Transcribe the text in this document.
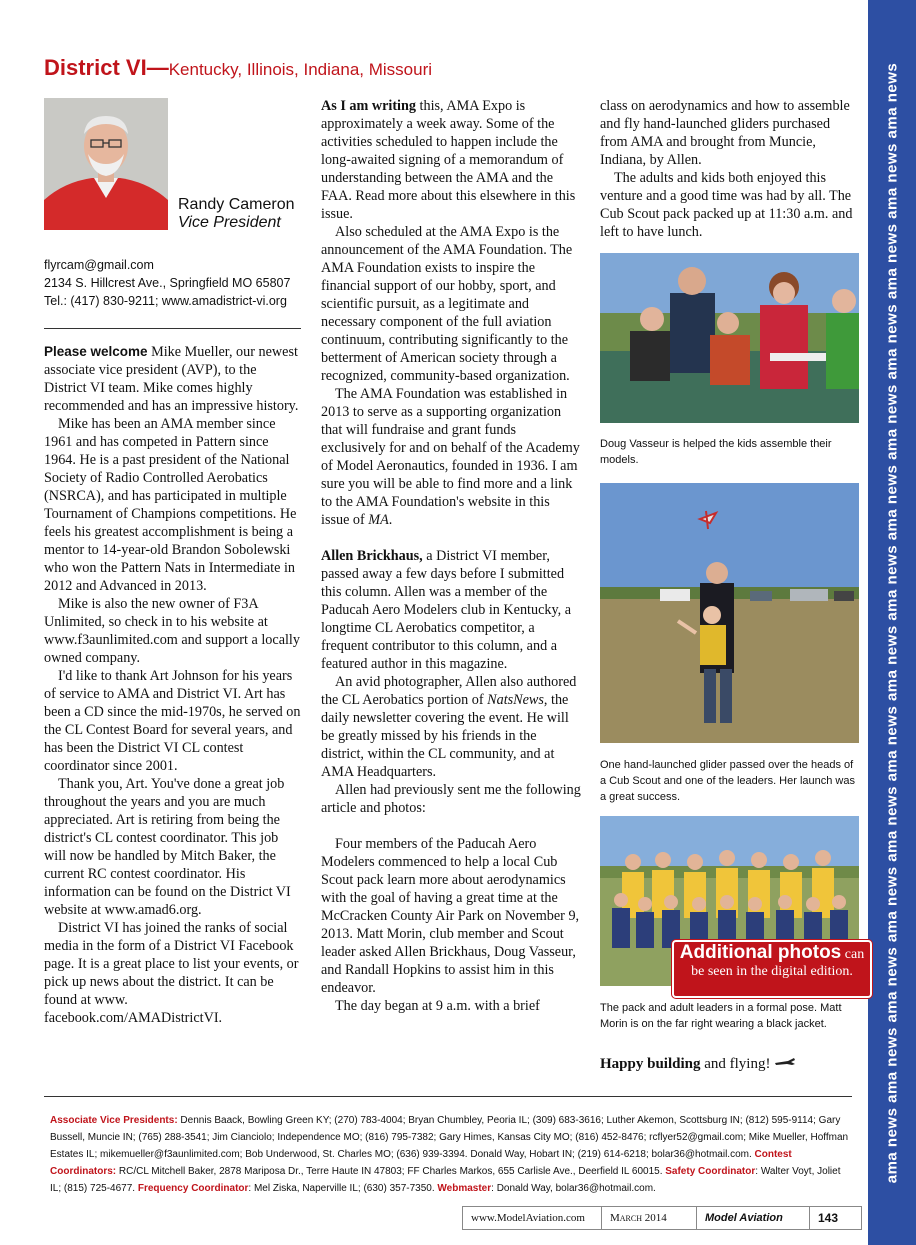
ama news ama news ama news ama news ama news ama news ama news ama news ama news ama news ama news ama news ama news ama news
District VI—Kentucky, Illinois, Indiana, Missouri
Randy Cameron
Vice President
flyrcam@gmail.com
2134 S. Hillcrest Ave., Springfield MO 65807
Tel.: (417) 830-9211; www.amadistrict-vi.org

Please welcome Mike Mueller, our newest associate vice president (AVP), to the District VI team. Mike comes highly recommended and has an impressive history.

Mike has been an AMA member since 1961 and has competed in Pattern since 1964. He is a past president of the National Society of Radio Controlled Aerobatics (NSRCA), and has participated in multiple Tournament of Champions competitions. He feels his greatest accomplishment is being a mentor to 14-year-old Brandon Sobolewski who won the Pattern Nats in Intermediate in 2012 and Advanced in 2013.

Mike is also the new owner of F3A Unlimited, so check in to his website at www.f3aunlimited.com and support a locally owned company.

I'd like to thank Art Johnson for his years of service to AMA and District VI. Art has been a CD since the mid-1970s, he served on the CL Contest Board for several years, and has been the District VI CL contest coordinator since 2001.

Thank you, Art. You've done a great job throughout the years and you are much appreciated. Art is retiring from being the district's CL contest coordinator. This job will now be handled by Mitch Baker, the current RC contest coordinator. His information can be found on the District VI website at www.amad6.org.

District VI has joined the ranks of social media in the form of a District VI Facebook page. It is a great place to list your events, or pick up news about the district. It can be found at www. facebook.com/AMADistrictVI.

As I am writing this, AMA Expo is approximately a week away. Some of the activities scheduled to happen include the long-awaited signing of a memorandum of understanding between the AMA and the FAA. Read more about this elsewhere in this issue.

Also scheduled at the AMA Expo is the announcement of the AMA Foundation. The AMA Foundation exists to inspire the financial support of our hobby, sport, and scientific pursuit, as a legitimate and necessary component of the full aviation continuum, contributing significantly to the betterment of American society through a recognized, community-based organization.

The AMA Foundation was established in 2013 to serve as a supporting organization that will fundraise and grant funds exclusively for and on behalf of the Academy of Model Aeronautics, founded in 1936. I am sure you will be able to find more and a link to the AMA Foundation's website in this issue of MA.

Allen Brickhaus, a District VI member, passed away a few days before I submitted this column. Allen was a member of the Paducah Aero Modelers club in Kentucky, a longtime CL Aerobatics competitor, a frequent contributor to this column, and a featured author in this magazine.

An avid photographer, Allen also authored the CL Aerobatics portion of NatsNews, the daily newsletter covering the event. He will be greatly missed by his friends in the district, within the CL community, and at AMA Headquarters.

Allen had previously sent me the following article and photos:

Four members of the Paducah Aero Modelers commenced to help a local Cub Scout pack learn more about aerodynamics with the goal of having a great time at the McCracken County Air Park on November 9, 2013. Matt Morin, club member and Scout leader asked Allen Brickhaus, Doug Vasseur, and Randall Hopkins to assist him in this endeavor.

The day began at 9 a.m. with a brief

class on aerodynamics and how to assemble and fly hand-launched gliders purchased from AMA and brought from Muncie, Indiana, by Allen.

The adults and kids both enjoyed this venture and a good time was had by all. The Cub Scout pack packed up at 11:30 a.m. and left to have lunch.

Doug Vasseur is helped the kids assemble their models.
One hand-launched glider passed over the heads of a Cub Scout and one of the leaders. Her launch was a great success.
Additional photos can
be seen in the digital edition.
The pack and adult leaders in a formal pose. Matt Morin is on the far right wearing a black jacket.
Happy building and flying!
Associate Vice Presidents: Dennis Baack, Bowling Green KY; (270) 783-4004; Bryan Chumbley, Peoria IL; (309) 683-3616; Luther Akemon, Scottsburg IN; (812) 595-9114; Gary Bussell, Muncie IN; (765) 288-3541; Jim Cianciolo; Independence MO; (816) 795-7382; Gary Himes, Kansas City MO; (816) 452-8476; rcflyer52@gmail.com; Mike Mueller, Hoffman Estates IL; mikemueller@f3aunlimited.com; Bob Underwood, St. Charles MO; (636) 939-3394. Donald Way, Hobart IN; (219) 614-6218; bolar36@hotmail.com. Contest Coordinators: RC/CL Mitchell Baker, 2878 Mariposa Dr., Terre Haute IN 47803; FF Charles Markos, 655 Carlisle Ave., Deerfield IL 60015. Safety Coordinator: Walter Voyt, Joliet IL; (815) 725-4677. Frequency Coordinator: Mel Ziska, Naperville IL; (630) 357-7350. Webmaster: Donald Way, bolar36@hotmail.com.
www.ModelAviation.com	March 2014	Model Aviation	143
